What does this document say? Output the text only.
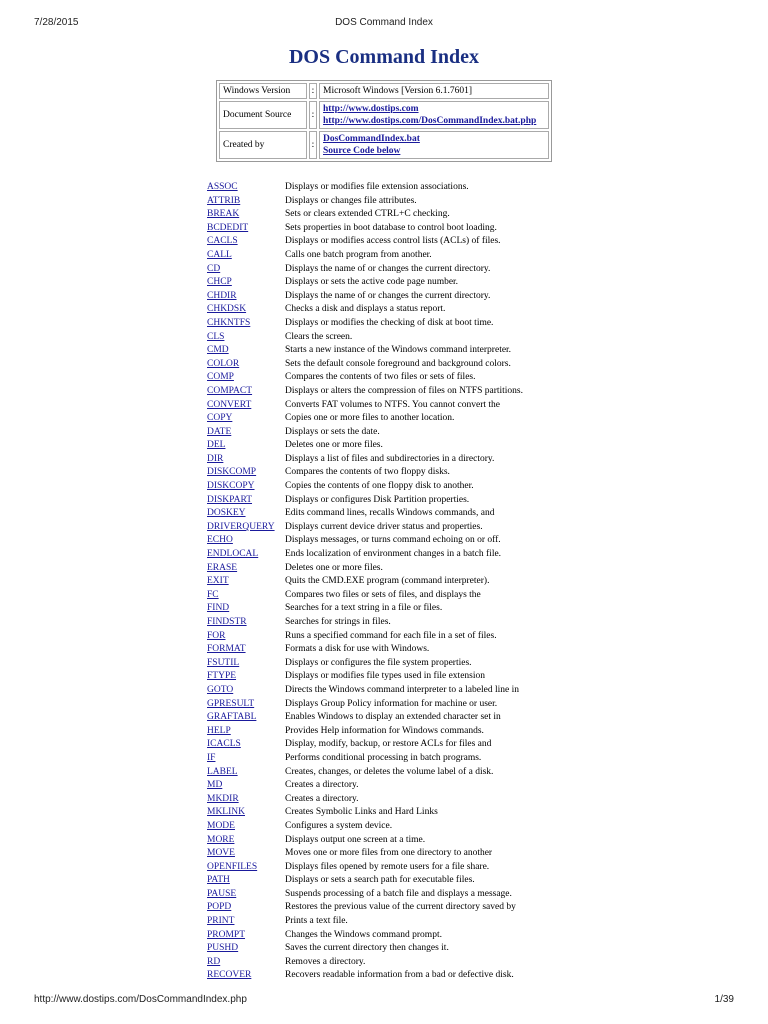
7/28/2015	DOS Command Index
DOS Command Index
Windows Version	:	Microsoft Windows [Version 6.1.7601]
Document Source	:	http://www.dostips.com
http://www.dostips.com/DosCommandIndex.bat.php

Created by	:	DosCommandIndex.bat
Source Code below
ASSOC	Displays or modifies file extension associations.
ATTRIB	Displays or changes file attributes.
BREAK	Sets or clears extended CTRL+C checking.
BCDEDIT	Sets properties in boot database to control boot loading.
CACLS	Displays or modifies access control lists (ACLs) of files.
CALL	Calls one batch program from another.
CD	Displays the name of or changes the current directory.
CHCP	Displays or sets the active code page number.
CHDIR	Displays the name of or changes the current directory.
CHKDSK	Checks a disk and displays a status report.
CHKNTFS	Displays or modifies the checking of disk at boot time.
CLS	Clears the screen.
CMD	Starts a new instance of the Windows command interpreter.
COLOR	Sets the default console foreground and background colors.
COMP	Compares the contents of two files or sets of files.
COMPACT	Displays or alters the compression of files on NTFS partitions.
CONVERT	Converts FAT volumes to NTFS. You cannot convert the
COPY	Copies one or more files to another location.
DATE	Displays or sets the date.
DEL	Deletes one or more files.
DIR	Displays a list of files and subdirectories in a directory.
DISKCOMP	Compares the contents of two floppy disks.
DISKCOPY	Copies the contents of one floppy disk to another.
DISKPART	Displays or configures Disk Partition properties.
DOSKEY	Edits command lines, recalls Windows commands, and
DRIVERQUERY Displays current device driver status and properties.
ECHO	Displays messages, or turns command echoing on or off.
ENDLOCAL	Ends localization of environment changes in a batch file.
ERASE	Deletes one or more files.
EXIT	Quits the CMD.EXE program (command interpreter).
FC	Compares two files or sets of files, and displays the
FIND	Searches for a text string in a file or files.
FINDSTR	Searches for strings in files.
FOR	Runs a specified command for each file in a set of files.
FORMAT	Formats a disk for use with Windows.
FSUTIL	Displays or configures the file system properties.
FTYPE	Displays or modifies file types used in file extension
GOTO	Directs the Windows command interpreter to a labeled line in
GPRESULT	Displays Group Policy information for machine or user.
GRAFTABL	Enables Windows to display an extended character set in
HELP	Provides Help information for Windows commands.
ICACLS	Display, modify, backup, or restore ACLs for files and
IF	Performs conditional processing in batch programs.
LABEL	Creates, changes, or deletes the volume label of a disk.
MD	Creates a directory.
MKDIR	Creates a directory.
MKLINK	Creates Symbolic Links and Hard Links
MODE	Configures a system device.
MORE	Displays output one screen at a time.
MOVE	Moves one or more files from one directory to another
OPENFILES	Displays files opened by remote users for a file share.
PATH	Displays or sets a search path for executable files.
PAUSE	Suspends processing of a batch file and displays a message.
POPD	Restores the previous value of the current directory saved by
PRINT	Prints a text file.
PROMPT	Changes the Windows command prompt.
PUSHD	Saves the current directory then changes it.
RD	Removes a directory.
RECOVER	Recovers readable information from a bad or defective disk.
http://www.dostips.com/DosCommandIndex.php	1/39
